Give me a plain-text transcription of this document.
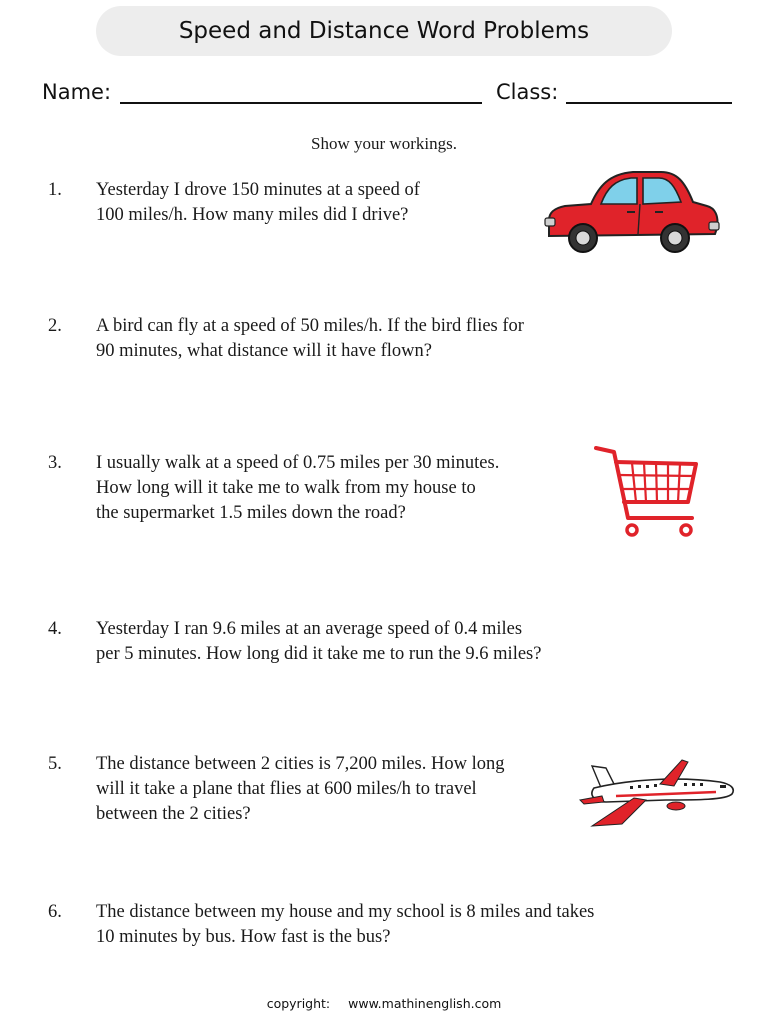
Speed and Distance Word Problems
Name:	Class:
Show your workings.
1. Yesterday I drove 150 minutes at a speed of
100 miles/h. How many miles did I drive?
2. A bird can fly at a speed of 50 miles/h. If the bird flies for
90 minutes, what distance will it have flown?
3. I usually walk at a speed of 0.75 miles per 30 minutes.
How long will it take me to walk from my house to
the supermarket 1.5 miles down the road?
4. Yesterday I ran 9.6 miles at an average speed of 0.4 miles
per 5 minutes. How long did it take me to run the 9.6 miles?
5. The distance between 2 cities is 7,200 miles. How long
will it take a plane that flies at 600 miles/h to travel
between the 2 cities?
6. The distance between my house and my school is 8 miles and takes
10 minutes by bus. How fast is the bus?
copyright: www.mathinenglish.com
